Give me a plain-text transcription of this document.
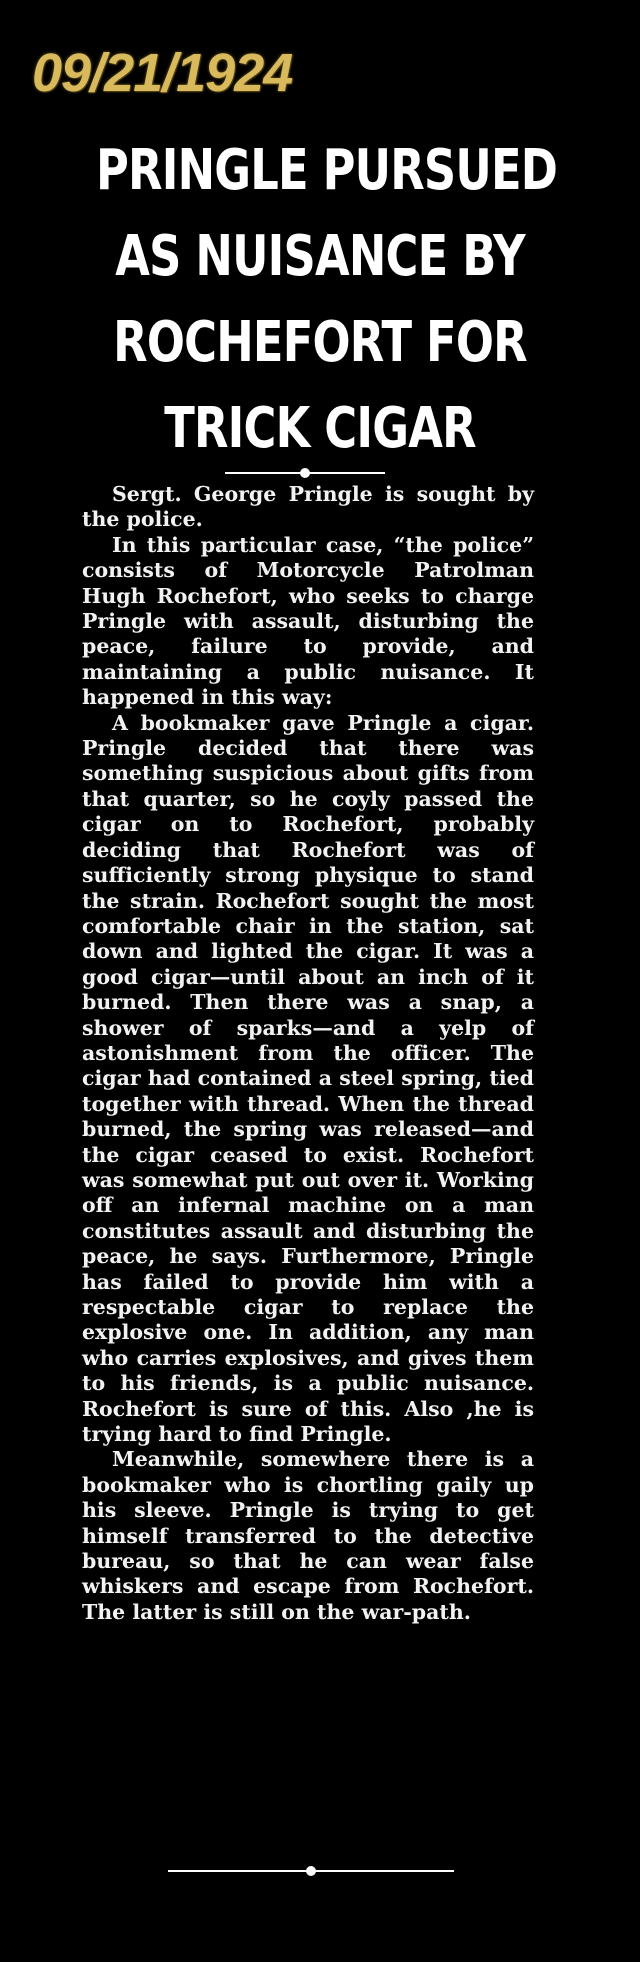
09/21/1924
PRINGLE PURSUED
AS NUISANCE BY
ROCHEFORT FOR
TRICK CIGAR

Sergt. George Pringle is sought by the police.

In this particular case, “the police” consists of Motorcycle Patrolman Hugh Rochefort, who seeks to charge Pringle with assault, disturbing the peace, failure to provide, and maintaining a public nuisance. It happened in this way:

A bookmaker gave Pringle a cigar. Pringle decided that there was something suspicious about gifts from that quarter, so he coyly passed the cigar on to Rochefort, probably deciding that Rochefort was of sufficiently strong physique to stand the strain. Rochefort sought the most comfortable chair in the station, sat down and lighted the cigar. It was a good cigar—until about an inch of it burned. Then there was a snap, a shower of sparks—and a yelp of astonishment from the officer. The cigar had contained a steel spring, tied together with thread. When the thread burned, the spring was released—and the cigar ceased to exist. Rochefort was somewhat put out over it. Working off an infernal machine on a man constitutes assault and disturbing the peace, he says. Furthermore, Pringle has failed to provide him with a respectable cigar to replace the explosive one. In addition, any man who carries explosives, and gives them to his friends, is a public nuisance. Rochefort is sure of this. Also ,he is trying hard to find Pringle.

Meanwhile, somewhere there is a bookmaker who is chortling gaily up his sleeve. Pringle is trying to get himself transferred to the detective bureau, so that he can wear false whiskers and escape from Rochefort. The latter is still on the war-path.
